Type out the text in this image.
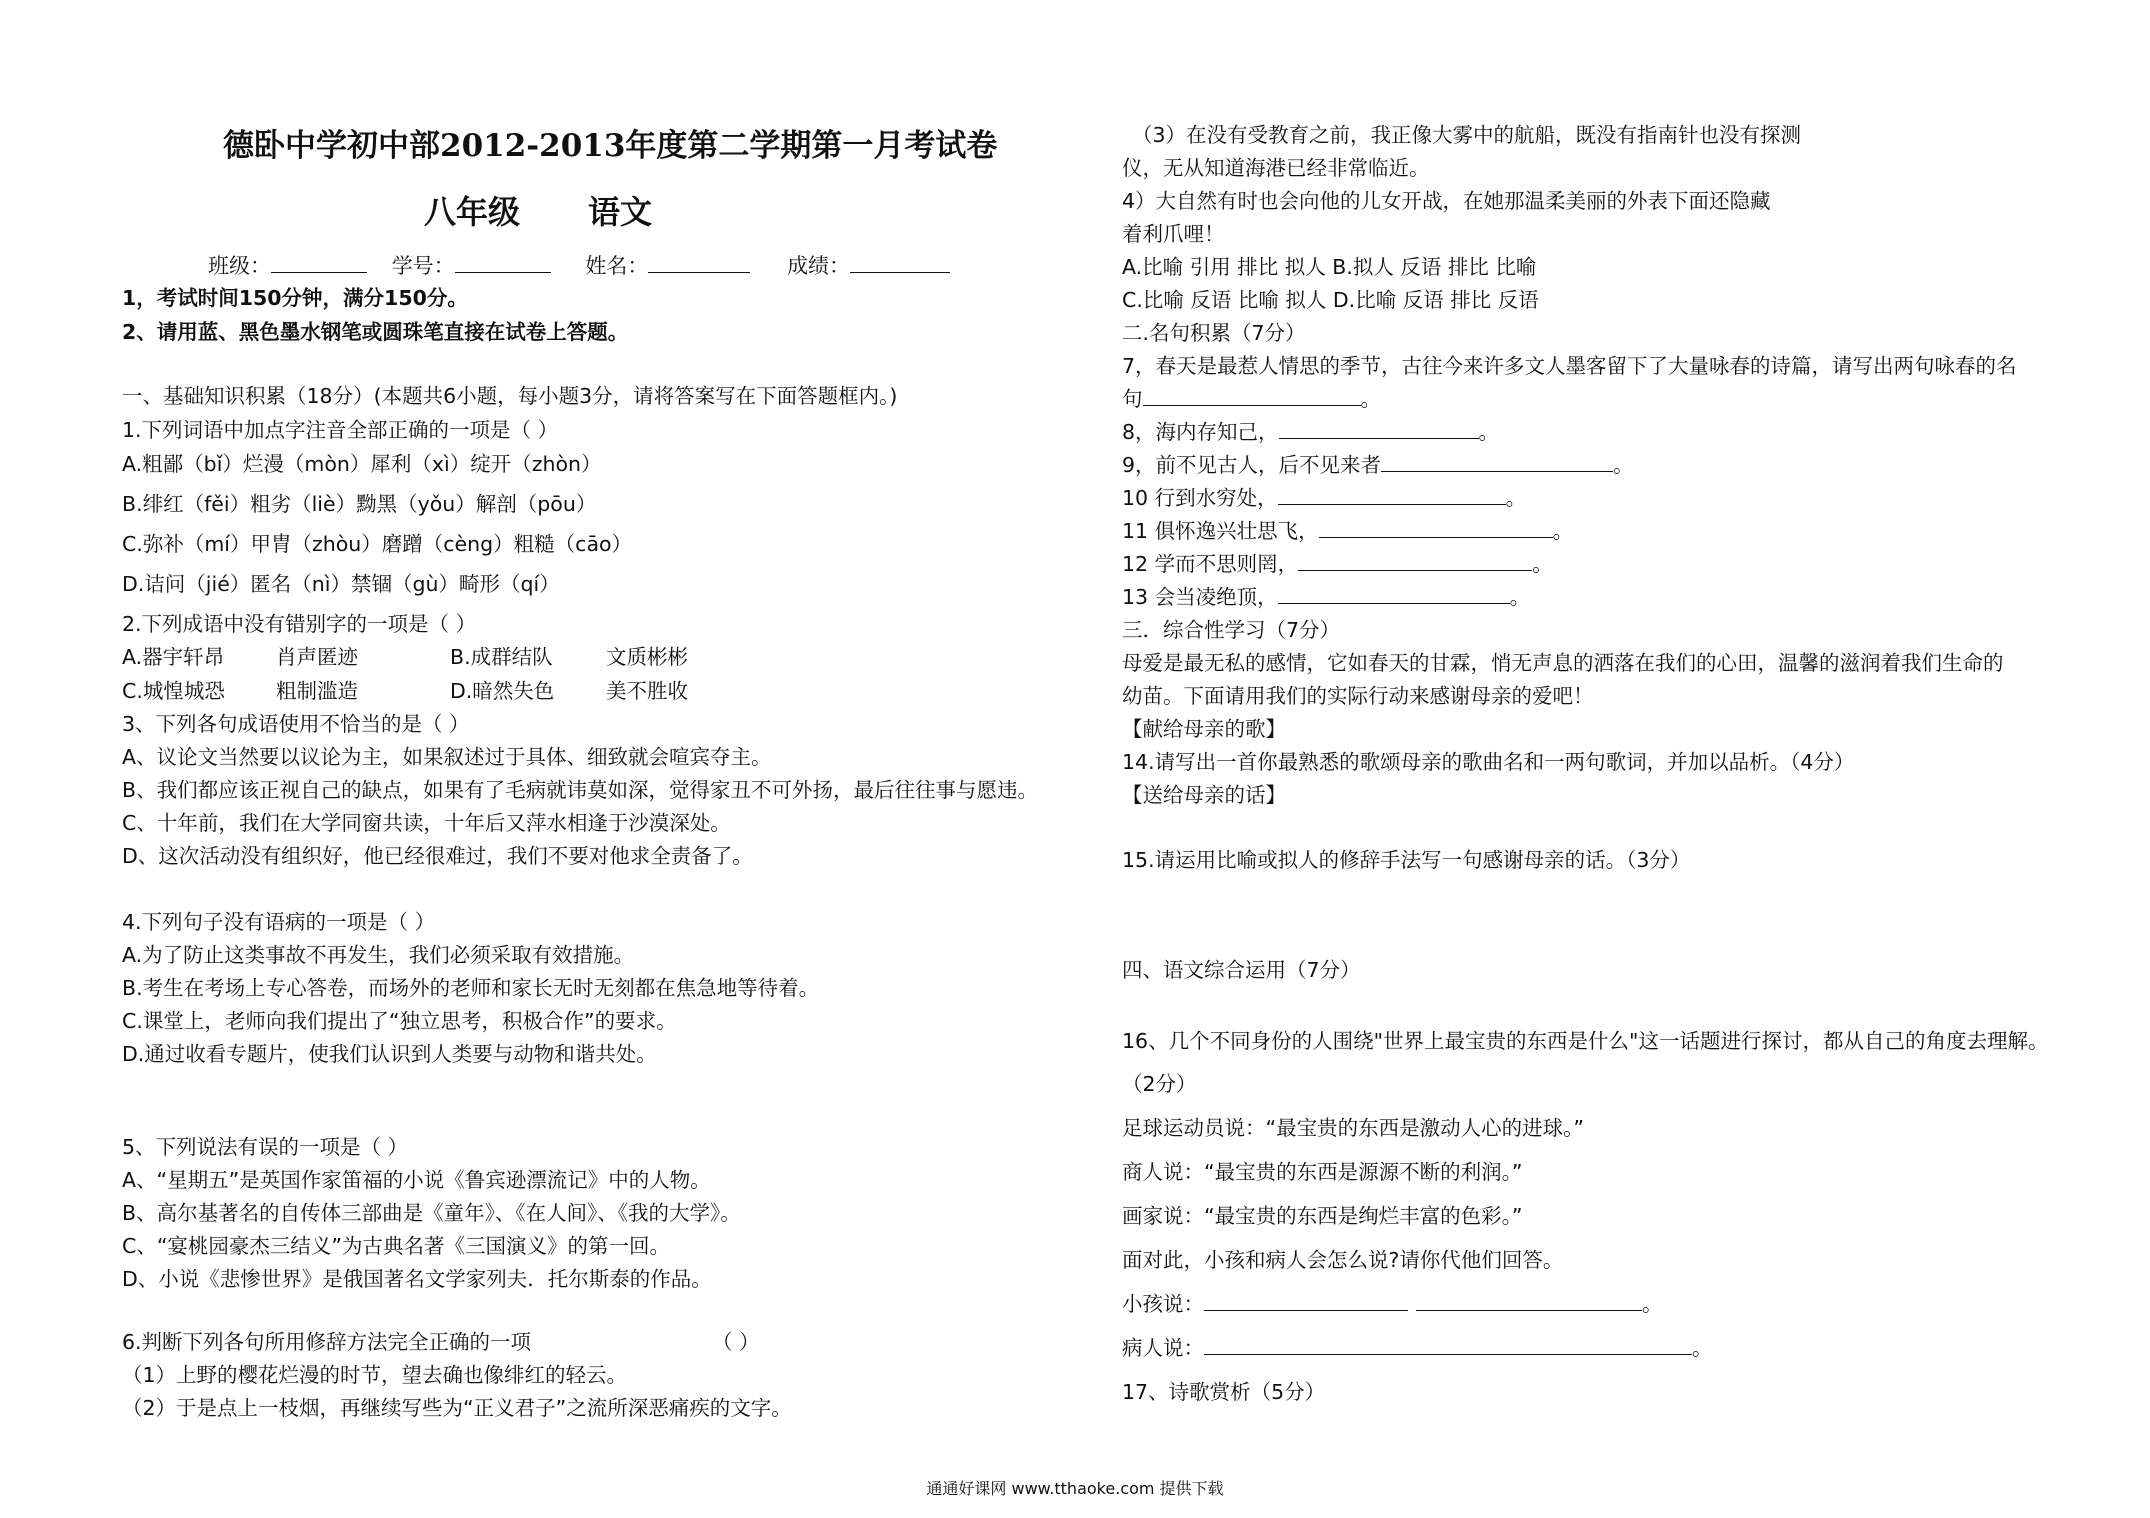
德卧中学初中部2012-2013年度第二学期第一月考试卷
八年级 语文
班级：	学号：	姓名：	成绩：
1，考试时间150分钟，满分150分。
2、请用蓝、黑色墨水钢笔或圆珠笔直接在试卷上答题。
一、基础知识积累（18分）(本题共6小题，每小题3分，请将答案写在下面答题框内。)
1.下列词语中加点字注音全部正确的一项是（ ）
A.粗鄙（bǐ）烂漫（mòn）犀利（xì）绽开（zhòn）
B.绯红（fěi）粗劣（liè）黝黑（yǒu）解剖（pōu）
C.弥补（mí）甲胄（zhòu）磨蹭（cèng）粗糙（cāo）
D.诘问（jié）匿名（nì）禁锢（gù）畸形（qí）
2.下列成语中没有错别字的一项是（ ）
A.器宇轩昂	肖声匿迹	B.成群结队	文质彬彬
C.城惶城恐 粗制滥造	D.暗然失色	美不胜收
3、下列各句成语使用不恰当的是（ ）
A、议论文当然要以议论为主，如果叙述过于具体、细致就会喧宾夺主。
B、我们都应该正视自己的缺点，如果有了毛病就讳莫如深，觉得家丑不可外扬，最后往往事与愿违。
C、十年前，我们在大学同窗共读，十年后又萍水相逢于沙漠深处。
D、这次活动没有组织好，他已经很难过，我们不要对他求全责备了。
4.下列句子没有语病的一项是（ ）
A.为了防止这类事故不再发生，我们必须采取有效措施。
B.考生在考场上专心答卷，而场外的老师和家长无时无刻都在焦急地等待着。
C.课堂上，老师向我们提出了“独立思考，积极合作”的要求。
D.通过收看专题片，使我们认识到人类要与动物和谐共处。
5、下列说法有误的一项是（ ）
A、“星期五”是英国作家笛福的小说《鲁宾逊漂流记》中的人物。
B、高尔基著名的自传体三部曲是《童年》、《在人间》、《我的大学》。
C、“宴桃园豪杰三结义”为古典名著《三国演义》的第一回。
D、小说《悲惨世界》是俄国著名文学家列夫．托尔斯泰的作品。
6.判断下列各句所用修辞方法完全正确的一项	（ ）
（1）上野的樱花烂漫的时节，望去确也像绯红的轻云。
（2）于是点上一枝烟，再继续写些为“正义君子”之流所深恶痛疾的文字。
（3）在没有受教育之前，我正像大雾中的航船，既没有指南针也没有探测
仪，无从知道海港已经非常临近。
4）大自然有时也会向他的儿女开战，在她那温柔美丽的外表下面还隐藏
着利爪哩！
A.比喻 引用 排比 拟人 B.拟人 反语 排比 比喻
C.比喻 反语 比喻 拟人 D.比喻 反语 排比 反语
二.名句积累（7分）
7，春天是最惹人情思的季节，古往今来许多文人墨客留下了大量咏春的诗篇，请写出两句咏春的名
句	。
8，海内存知己，	。
9，前不见古人，后不见来者	。
10 行到水穷处，	。
11 俱怀逸兴壮思飞，	。
12 学而不思则罔，	。
13 会当凌绝顶，	。
三．综合性学习（7分）
母爱是最无私的感情，它如春天的甘霖，悄无声息的洒落在我们的心田，温馨的滋润着我们生命的
幼苗。下面请用我们的实际行动来感谢母亲的爱吧！
【献给母亲的歌】
14.请写出一首你最熟悉的歌颂母亲的歌曲名和一两句歌词，并加以品析。（4分）
【送给母亲的话】
15.请运用比喻或拟人的修辞手法写一句感谢母亲的话。（3分）
四、语文综合运用（7分）
16、几个不同身份的人围绕"世界上最宝贵的东西是什么"这一话题进行探讨，都从自己的角度去理解。
（2分）
足球运动员说：“最宝贵的东西是激动人心的进球。”
商人说：“最宝贵的东西是源源不断的利润。”
画家说：“最宝贵的东西是绚烂丰富的色彩。”
面对此，小孩和病人会怎么说?请你代他们回答。
小孩说：	。
病人说：	。
17、诗歌赏析（5分）
通通好课网 www.tthaoke.com 提供下载
